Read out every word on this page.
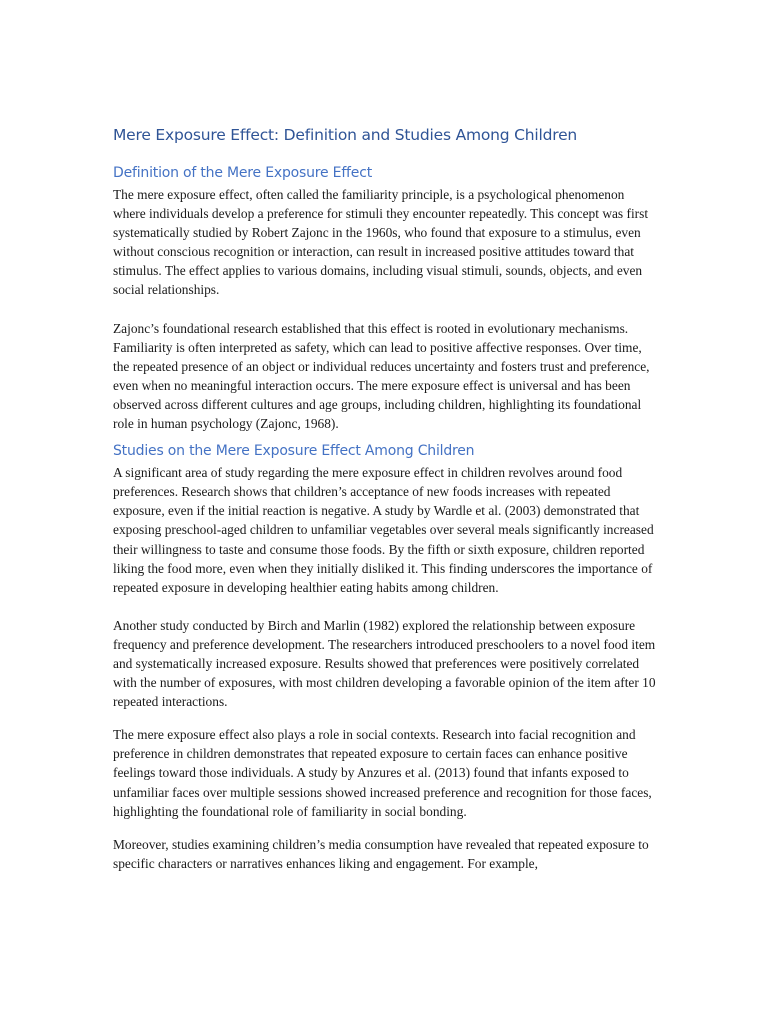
Mere Exposure Effect: Definition and Studies Among Children
Definition of the Mere Exposure Effect

The mere exposure effect, often called the familiarity principle, is a psychological phenomenon where individuals develop a preference for stimuli they encounter repeatedly. This concept was first systematically studied by Robert Zajonc in the 1960s, who found that exposure to a stimulus, even without conscious recognition or interaction, can result in increased positive attitudes toward that stimulus. The effect applies to various domains, including visual stimuli, sounds, objects, and even social relationships.

Zajonc’s foundational research established that this effect is rooted in evolutionary mechanisms. Familiarity is often interpreted as safety, which can lead to positive affective responses. Over time, the repeated presence of an object or individual reduces uncertainty and fosters trust and preference, even when no meaningful interaction occurs. The mere exposure effect is universal and has been observed across different cultures and age groups, including children, highlighting its foundational role in human psychology (Zajonc, 1968).

Studies on the Mere Exposure Effect Among Children

A significant area of study regarding the mere exposure effect in children revolves around food preferences. Research shows that children’s acceptance of new foods increases with repeated exposure, even if the initial reaction is negative. A study by Wardle et al. (2003) demonstrated that exposing preschool-aged children to unfamiliar vegetables over several meals significantly increased their willingness to taste and consume those foods. By the fifth or sixth exposure, children reported liking the food more, even when they initially disliked it. This finding underscores the importance of repeated exposure in developing healthier eating habits among children.

Another study conducted by Birch and Marlin (1982) explored the relationship between exposure frequency and preference development. The researchers introduced preschoolers to a novel food item and systematically increased exposure. Results showed that preferences were positively correlated with the number of exposures, with most children developing a favorable opinion of the item after 10 repeated interactions.

The mere exposure effect also plays a role in social contexts. Research into facial recognition and preference in children demonstrates that repeated exposure to certain faces can enhance positive feelings toward those individuals. A study by Anzures et al. (2013) found that infants exposed to unfamiliar faces over multiple sessions showed increased preference and recognition for those faces, highlighting the foundational role of familiarity in social bonding.

Moreover, studies examining children’s media consumption have revealed that repeated exposure to specific characters or narratives enhances liking and engagement. For example,
